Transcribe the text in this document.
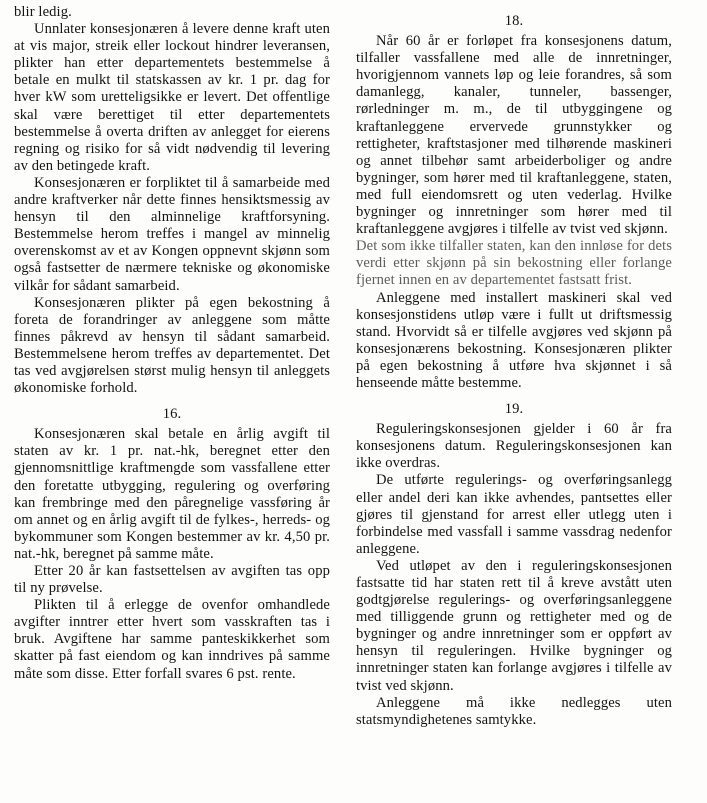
blir ledig.

Unnlater konsesjonæren å levere denne kraft uten at vis major, streik eller lockout hindrer leveransen, plikter han etter departementets bestemmelse å betale en mulkt til statskassen av kr. 1 pr. dag for hver kW som uretteligsikke er levert. Det offentlige skal være berettiget til etter departementets bestemmelse å overta driften av anlegget for eierens regning og risiko for så vidt nødvendig til levering av den betingede kraft.

Konsesjonæren er forpliktet til å samarbeide med andre kraftverker når dette finnes hensiktsmessig av hensyn til den alminnelige kraftforsyning. Bestemmelse herom treffes i mangel av minnelig overenskomst av et av Kongen oppnevnt skjønn som også fastsetter de nærmere tekniske og økonomiske vilkår for sådant samarbeid.

Konsesjonæren plikter på egen bekostning å foreta de forandringer av anleggene som måtte finnes påkrevd av hensyn til sådant samarbeid. Bestemmelsene herom treffes av departementet. Det tas ved avgjørelsen størst mulig hensyn til anleggets økonomiske forhold.

16.

Konsesjonæren skal betale en årlig avgift til staten av kr. 1 pr. nat.-hk, beregnet etter den gjennomsnittlige kraftmengde som vassfallene etter den foretatte utbygging, regulering og overføring kan frembringe med den påregnelige vassføring år om annet og en årlig avgift til de fylkes-, herreds- og bykommuner som Kongen bestemmer av kr. 4,50 pr. nat.-hk, beregnet på samme måte.

Etter 20 år kan fastsettelsen av avgiften tas opp til ny prøvelse.

Plikten til å erlegge de ovenfor omhandlede avgifter inntrer etter hvert som vasskraften tas i bruk. Avgiftene har samme panteskikkerhet som skatter på fast eiendom og kan inndrives på samme måte som disse. Etter forfall svares 6 pst. rente.

18.

Når 60 år er forløpet fra konsesjonens datum, tilfaller vassfallene med alle de innretninger, hvorigjennom vannets løp og leie forandres, så som damanlegg, kanaler, tunneler, bassenger, rørledninger m. m., de til utbyggingene og kraftanleggene ervervede grunnstykker og rettigheter, kraftstasjoner med tilhørende maskineri og annet tilbehør samt arbeiderboliger og andre bygninger, som hører med til kraftanleggene, staten, med full eiendomsrett og uten vederlag. Hvilke bygninger og innretninger som hører med til kraftanleggene avgjøres i tilfelle av tvist ved skjønn.

Det som ikke tilfaller staten, kan den innløse for dets verdi etter skjønn på sin bekostning eller forlange fjernet innen en av departementet fastsatt frist.

Anleggene med installert maskineri skal ved konsesjonstidens utløp være i fullt ut driftsmessig stand. Hvorvidt så er tilfelle avgjøres ved skjønn på konsesjonærens bekostning. Konsesjonæren plikter på egen bekostning å utføre hva skjønnet i så henseende måtte bestemme.

19.

Reguleringskonsesjonen gjelder i 60 år fra konsesjonens datum. Reguleringskonsesjonen kan ikke overdras.

De utførte regulerings- og overføringsanlegg eller andel deri kan ikke avhendes, pantsettes eller gjøres til gjenstand for arrest eller utlegg uten i forbindelse med vassfall i samme vassdrag nedenfor anleggene.

Ved utløpet av den i reguleringskonsesjonen fastsatte tid har staten rett til å kreve avstått uten godtgjørelse regulerings- og overføringsanleggene med tilliggende grunn og rettigheter med og de bygninger og andre innretninger som er oppført av hensyn til reguleringen. Hvilke bygninger og innretninger staten kan forlange avgjøres i tilfelle av tvist ved skjønn.

Anleggene må ikke nedlegges uten statsmyndighetenes samtykke.
